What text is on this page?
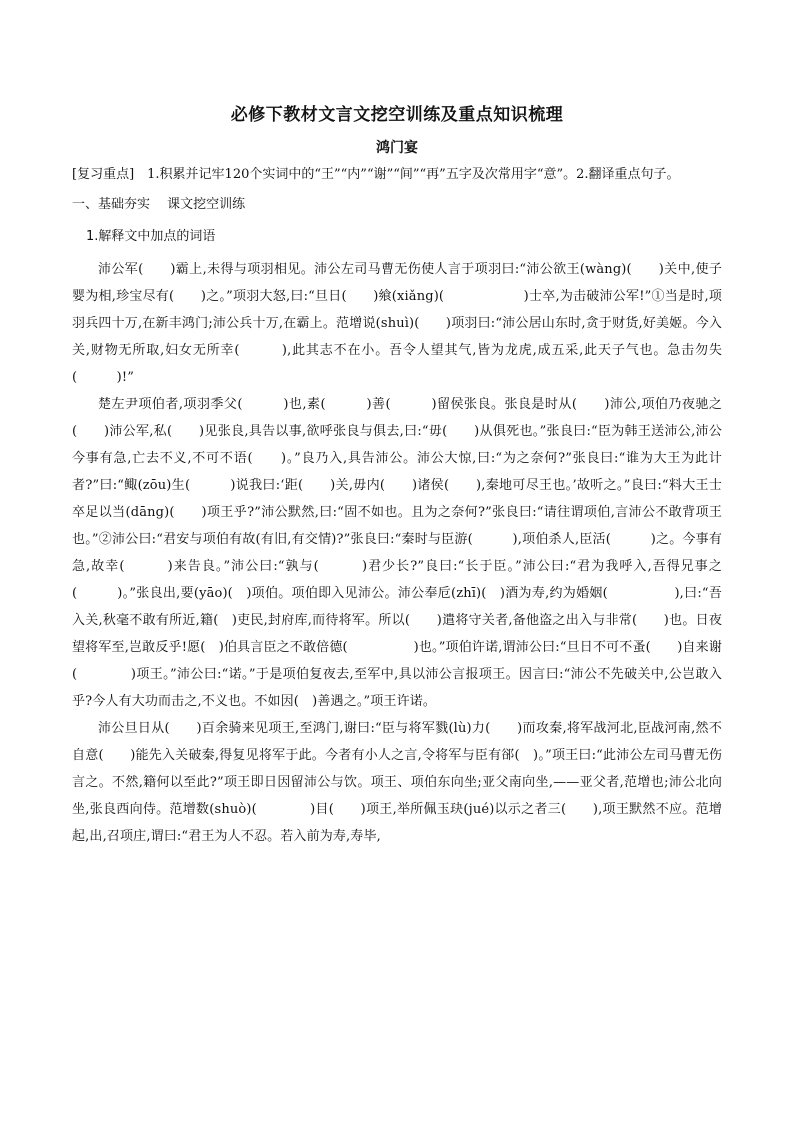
必修下教材文言文挖空训练及重点知识梳理
鸿门宴

[复习重点]　1.积累并记牢120个实词中的“王”“内”“谢”“间”“再”五字及次常用字“意”。2.翻译重点句子。

一、基础夯实　 课文挖空训练
1.解释文中加点的词语

沛公军(　　)霸上,未得与项羽相见。沛公左司马曹无伤使人言于项羽曰:“沛公欲王(wàng)(　　)关中,使子婴为相,珍宝尽有(　　)之。”项羽大怒,曰:“旦日(　　)飨(xiǎng)(　　　　　　)士卒,为击破沛公军!”①当是时,项羽兵四十万,在新丰鸿门;沛公兵十万,在霸上。范增说(shuì)(　　)项羽曰:“沛公居山东时,贪于财货,好美姬。今入关,财物无所取,妇女无所幸(　　　),此其志不在小。吾令人望其气,皆为龙虎,成五采,此天子气也。急击勿失(　　　)!”

楚左尹项伯者,项羽季父(　　　)也,素(　　　)善(　　　)留侯张良。张良是时从(　　)沛公,项伯乃夜驰之(　　)沛公军,私(　　)见张良,具告以事,欲呼张良与俱去,曰:“毋(　　)从俱死也。”张良曰:“臣为韩王送沛公,沛公今事有急,亡去不义,不可不语(　　)。”良乃入,具告沛公。沛公大惊,曰:“为之奈何?”张良曰:“谁为大王为此计者?”曰:“鲰(zōu)生(　　　)说我曰:‘距(　　)关,毋内(　　)诸侯(　　),秦地可尽王也。’故听之。”良曰:“料大王士卒足以当(dāng)(　　)项王乎?”沛公默然,曰:“固不如也。且为之奈何?”张良曰:“请往谓项伯,言沛公不敢背项王也。”②沛公曰:“君安与项伯有故(有旧,有交情)?”张良曰:“秦时与臣游(　　　),项伯杀人,臣活(　　　)之。今事有急,故幸(　　　)来告良。”沛公曰:“孰与(　　　)君少长?”良曰:“长于臣。”沛公曰:“君为我呼入,吾得兄事之(　　　)。”张良出,要(yāo)(　)项伯。项伯即入见沛公。沛公奉卮(zhī)(　)酒为寿,约为婚姻(　　　　　),曰:“吾入关,秋毫不敢有所近,籍(　)吏民,封府库,而待将军。所以(　　)遣将守关者,备他盗之出入与非常(　　)也。日夜望将军至,岂敢反乎!愿(　)伯具言臣之不敢倍德(　　　　　)也。”项伯许诺,谓沛公曰:“旦日不可不蚤(　　)自来谢(　　　　)项王。”沛公曰:“诺。”于是项伯复夜去,至军中,具以沛公言报项王。因言曰:“沛公不先破关中,公岂敢入乎?今人有大功而击之,不义也。不如因(　)善遇之。”项王许诺。

沛公旦日从(　　)百余骑来见项王,至鸿门,谢曰:“臣与将军戮(lù)力(　　)而攻秦,将军战河北,臣战河南,然不自意(　　)能先入关破秦,得复见将军于此。今者有小人之言,令将军与臣有郤(　)。”项王曰:“此沛公左司马曹无伤言之。不然,籍何以至此?”项王即日因留沛公与饮。项王、项伯东向坐;亚父南向坐,——亚父者,范增也;沛公北向坐,张良西向侍。范增数(shuò)(　　　　)目(　　)项王,举所佩玉玦(jué)以示之者三(　　),项王默然不应。范增起,出,召项庄,谓曰:“君王为人不忍。若入前为寿,寿毕,
